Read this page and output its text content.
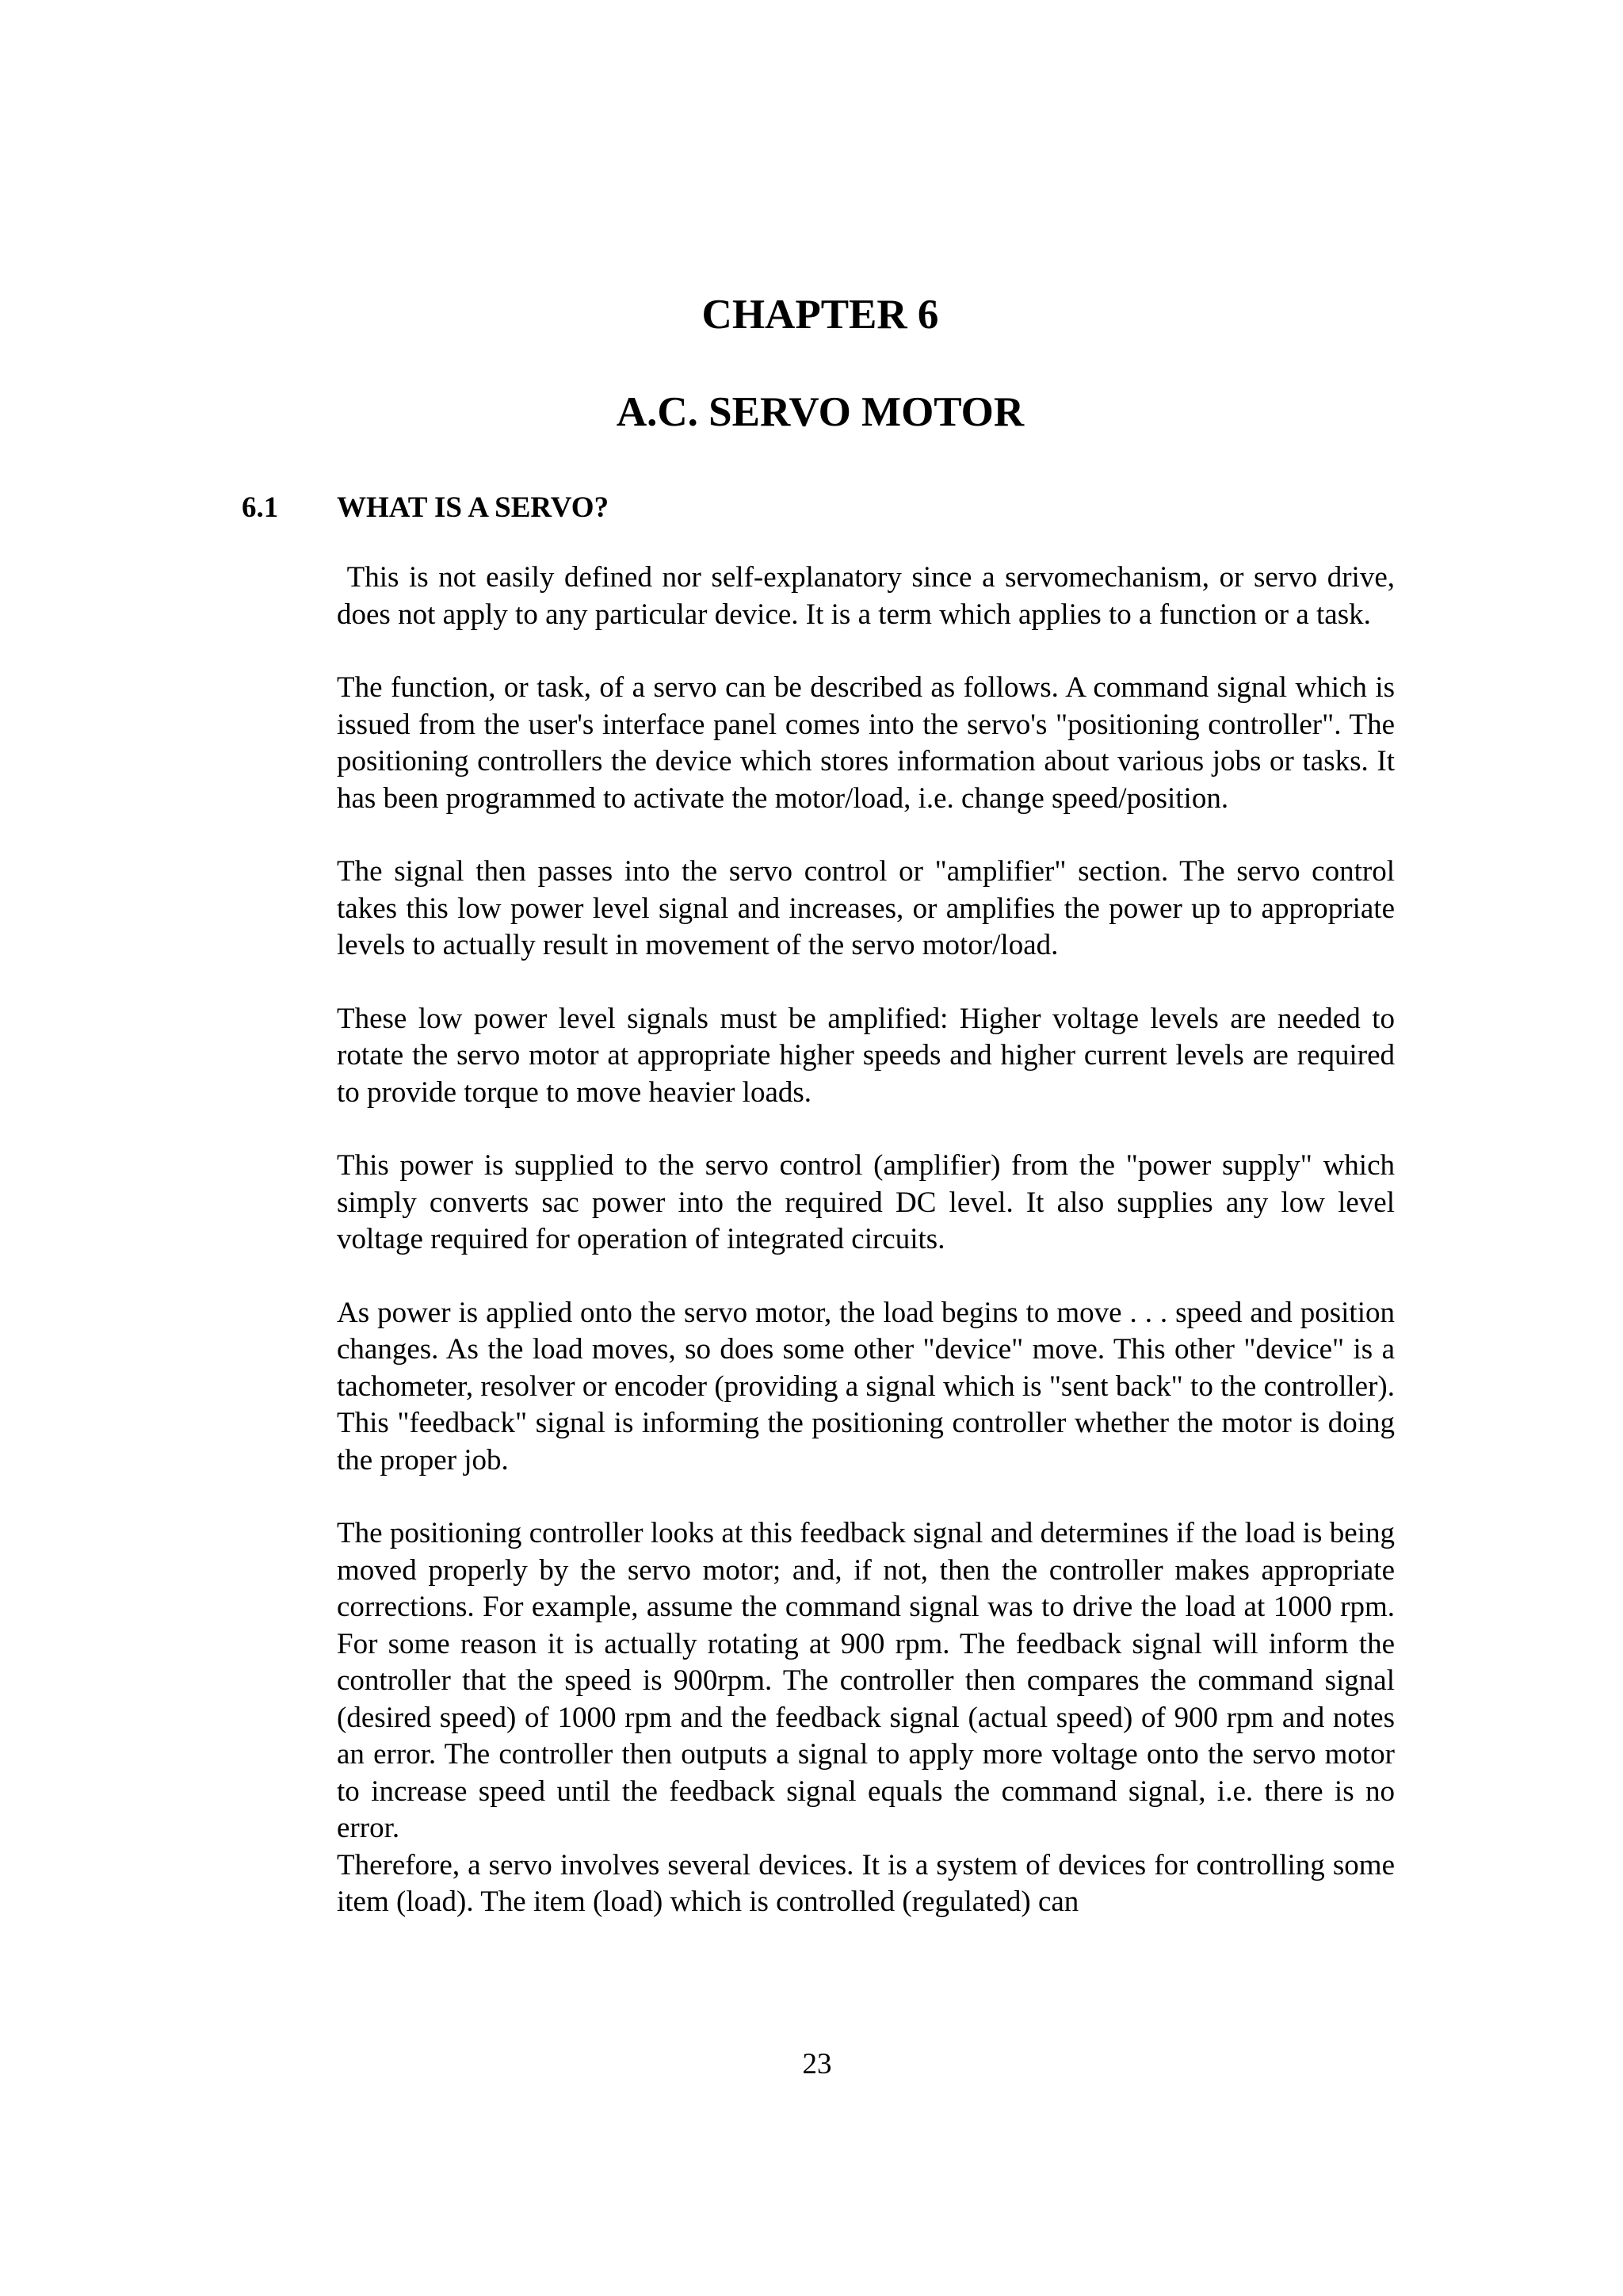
CHAPTER 6
A.C. SERVO MOTOR
6.1 WHAT IS A SERVO?

This is not easily defined nor self-explanatory since a servomechanism, or servo drive, does not apply to any particular device. It is a term which applies to a function or a task.

The function, or task, of a servo can be described as follows. A command signal which is issued from the user's interface panel comes into the servo's "positioning controller". The positioning controllers the device which stores information about various jobs or tasks. It has been programmed to activate the motor/load, i.e. change speed/position.

The signal then passes into the servo control or "amplifier" section. The servo control takes this low power level signal and increases, or amplifies the power up to appropriate levels to actually result in movement of the servo motor/load.

These low power level signals must be amplified: Higher voltage levels are needed to rotate the servo motor at appropriate higher speeds and higher current levels are required to provide torque to move heavier loads.

This power is supplied to the servo control (amplifier) from the "power supply" which simply converts sac power into the required DC level. It also supplies any low level voltage required for operation of integrated circuits.

As power is applied onto the servo motor, the load begins to move . . . speed and position changes. As the load moves, so does some other "device" move. This other "device" is a tachometer, resolver or encoder (providing a signal which is "sent back" to the controller). This "feedback" signal is informing the positioning controller whether the motor is doing the proper job.

The positioning controller looks at this feedback signal and determines if the load is being moved properly by the servo motor; and, if not, then the controller makes appropriate corrections. For example, assume the command signal was to drive the load at 1000 rpm. For some reason it is actually rotating at 900 rpm. The feedback signal will inform the controller that the speed is 900rpm. The controller then compares the command signal (desired speed) of 1000 rpm and the feedback signal (actual speed) of 900 rpm and notes an error. The controller then outputs a signal to apply more voltage onto the servo motor to increase speed until the feedback signal equals the command signal, i.e. there is no error.

Therefore, a servo involves several devices. It is a system of devices for controlling some item (load). The item (load) which is controlled (regulated) can

23
